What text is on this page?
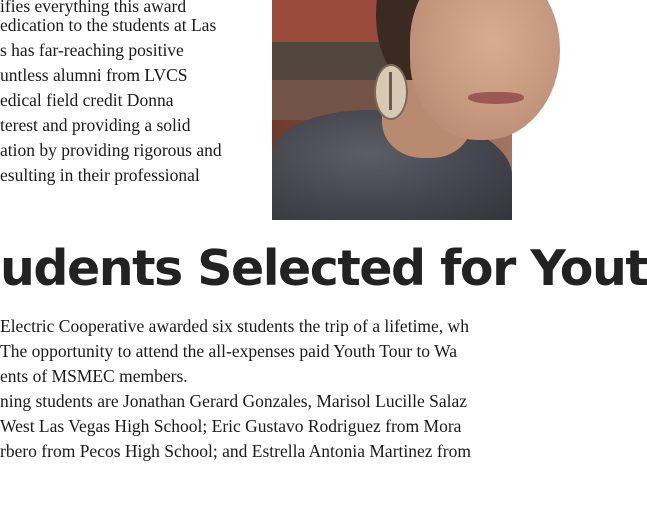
ifies everything this award
edication to the students at Las
s has far-reaching positive
untless alumni from LVCS
edical field credit Donna
terest and providing a solid
ation by providing rigorous and
esulting in their professional
udents Selected for Yout
Electric Cooperative awarded six students the trip of a lifetime, wh
The opportunity to attend the all-expenses paid Youth Tour to Wa
ents of MSMEC members.
ning students are Jonathan Gerard Gonzales, Marisol Lucille Salaz
West Las Vegas High School; Eric Gustavo Rodriguez from Mora
rbero from Pecos High School; and Estrella Antonia Martinez from
